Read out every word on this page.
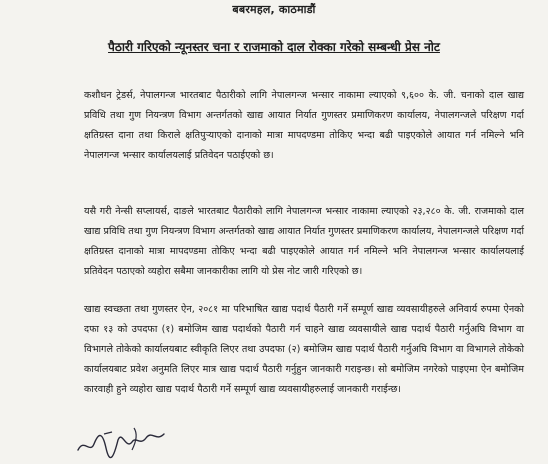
बबरमहल, काठमाडौं
पैठारी गरिएको न्यूनस्तर चना र राजमाको दाल रोक्का गरेको सम्बन्धी प्रेस नोट

कशौधन ट्रेडर्स, नेपालगन्ज भारतबाट पैठारीको लागि नेपालगन्ज भन्सार नाकामा ल्याएको ९,६०० के. जी. चनाको दाल खाद्य प्रविधि तथा गुण नियन्त्रण विभाग अन्तर्गतको खाद्य आयात निर्यात गुणस्तर प्रमाणिकरण कार्यालय, नेपालगन्जले परिक्षण गर्दा क्षतिग्रस्त दाना तथा किराले क्षतिपुर्‍याएको दानाको मात्रा मापदण्डमा तोकिए भन्दा बढी पाइएकोले आयात गर्न नमिल्ने भनि नेपालगन्ज भन्सार कार्यालयलाई प्रतिवेदन पठाईएको छ।

यसै गरी नेन्सी सप्लायर्स, दाङले भारतबाट पैठारीको लागि नेपालगन्ज भन्सार नाकामा ल्याएको २३,२८० के. जी. राजमाको दाल खाद्य प्रविधि तथा गुण नियन्त्रण विभाग अन्तर्गतको खाद्य आयात निर्यात गुणस्तर प्रमाणिकरण कार्यालय, नेपालगन्जले परिक्षण गर्दा क्षतिग्रस्त दानाको मात्रा मापदण्डमा तोकिए भन्दा बढी पाइएकोले आयात गर्न नमिल्ने भनि नेपालगन्ज भन्सार कार्यालयलाई प्रतिवेदन पठाएको व्यहोरा सबैमा जानकारीका लागि यो प्रेस नोट जारी गरिएको छ।

खाद्य स्वच्छता तथा गुणस्तर ऐन, २०८१ मा परिभाषित खाद्य पदार्थ पैठारी गर्ने सम्पूर्ण खाद्य व्यवसायीहरुले अनिवार्य रुपमा ऐनको दफा १३ को उपदफा (१) बमोजिम खाद्य पदार्थको पैठारी गर्न चाहने खाद्य व्यवसायीले खाद्य पदार्थ पैठारी गर्नुअघि विभाग वा विभागले तोकेको कार्यालयबाट स्वीकृति लिएर तथा उपदफा (२) बमोजिम खाद्य पदार्थ पैठारी गर्नुअघि विभाग वा विभागले तोकेको कार्यालयबाट प्रवेश अनुमति लिएर मात्र खाद्य पदार्थ पैठारी गर्नुहुन जानकारी गराइन्छ। सो बमोजिम नगरेको पाइएमा ऐन बमोजिम कारवाही हुने व्यहोरा खाद्य पदार्थ पैठारी गर्ने सम्पूर्ण खाद्य व्यवसायीहरुलाई जानकारी गराईन्छ।
